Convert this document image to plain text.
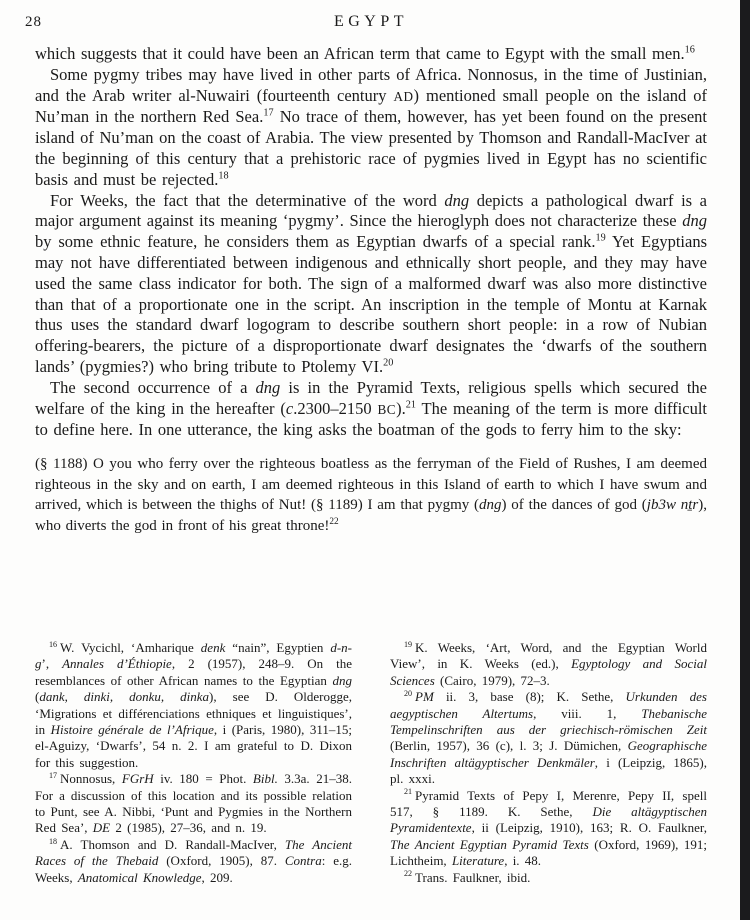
28	EGYPT

which suggests that it could have been an African term that came to Egypt with the small men.$^{16}$

Some pygmy tribes may have lived in other parts of Africa. Nonnosus, in the time of Justinian, and the Arab writer al-Nuwairi (fourteenth century AD) mentioned small people on the island of Nu’man in the northern Red Sea.$^{17}$ No trace of them, however, has yet been found on the present island of Nu’man on the coast of Arabia. The view presented by Thomson and Randall-MacIver at the beginning of this century that a prehistoric race of pygmies lived in Egypt has no scientific basis and must be rejected.$^{18}$

For Weeks, the fact that the determinative of the word dng depicts a pathological dwarf is a major argument against its meaning ‘pygmy’. Since the hieroglyph does not characterize these dng by some ethnic feature, he considers them as Egyptian dwarfs of a special rank.$^{19}$ Yet Egyptians may not have differentiated between indigenous and ethnically short people, and they may have used the same class indicator for both. The sign of a malformed dwarf was also more distinctive than that of a proportionate one in the script. An inscription in the temple of Montu at Karnak thus uses the standard dwarf logogram to describe southern short people: in a row of Nubian offering-bearers, the picture of a disproportionate dwarf designates the ‘dwarfs of the southern lands’ (pygmies?) who bring tribute to Ptolemy VI.$^{20}$

The second occurrence of a dng is in the Pyramid Texts, religious spells which secured the welfare of the king in the hereafter (c.2300–2150 BC).$^{21}$ The meaning of the term is more difficult to define here. In one utterance, the king asks the boatman of the gods to ferry him to the sky:

(§ 1188) O you who ferry over the righteous boatless as the ferryman of the Field of Rushes, I am deemed righteous in the sky and on earth, I am deemed righteous in this Island of earth to which I have swum and arrived, which is between the thighs of Nut! (§ 1189) I am that pygmy (dng) of the dances of god (jb3w nṯr), who diverts the god in front of his great throne!$^{22}$

$^{16}$ W. Vycichl, ‘Amharique denk “nain”, Egyptien d-n-g’, Annales d’Éthiopie, 2 (1957), 248–9. On the resemblances of other African names to the Egyptian dng (dank, dinki, donku, dinka), see D. Olderogge, ‘Migrations et différenciations ethniques et linguistiques’, in Histoire générale de l’Afrique, i (Paris, 1980), 311–15; el-Aguizy, ‘Dwarfs’, 54 n. 2. I am grateful to D. Dixon for this suggestion.

$^{17}$ Nonnosus, FGrH iv. 180 = Phot. Bibl. 3.3a. 21–38. For a discussion of this location and its possible relation to Punt, see A. Nibbi, ‘Punt and Pygmies in the Northern Red Sea’, DE 2 (1985), 27–36, and n. 19.

$^{18}$ A. Thomson and D. Randall-MacIver, The Ancient Races of the Thebaid (Oxford, 1905), 87. Contra: e.g. Weeks, Anatomical Knowledge, 209.

$^{19}$ K. Weeks, ‘Art, Word, and the Egyptian World View’, in K. Weeks (ed.), Egyptology and Social Sciences (Cairo, 1979), 72–3.

$^{20}$ PM ii. 3, base (8); K. Sethe, Urkunden des aegyptischen Altertums, viii. 1, Thebanische Tempelinschriften aus der griechisch-römischen Zeit (Berlin, 1957), 36 (c), l. 3; J. Dümichen, Geographische Inschriften altägyptischer Denkmäler, i (Leipzig, 1865), pl. xxxi.

$^{21}$ Pyramid Texts of Pepy I, Merenre, Pepy II, spell 517, § 1189. K. Sethe, Die altägyptischen Pyramidentexte, ii (Leipzig, 1910), 163; R. O. Faulkner, The Ancient Egyptian Pyramid Texts (Oxford, 1969), 191; Lichtheim, Literature, i. 48.

$^{22}$ Trans. Faulkner, ibid.
